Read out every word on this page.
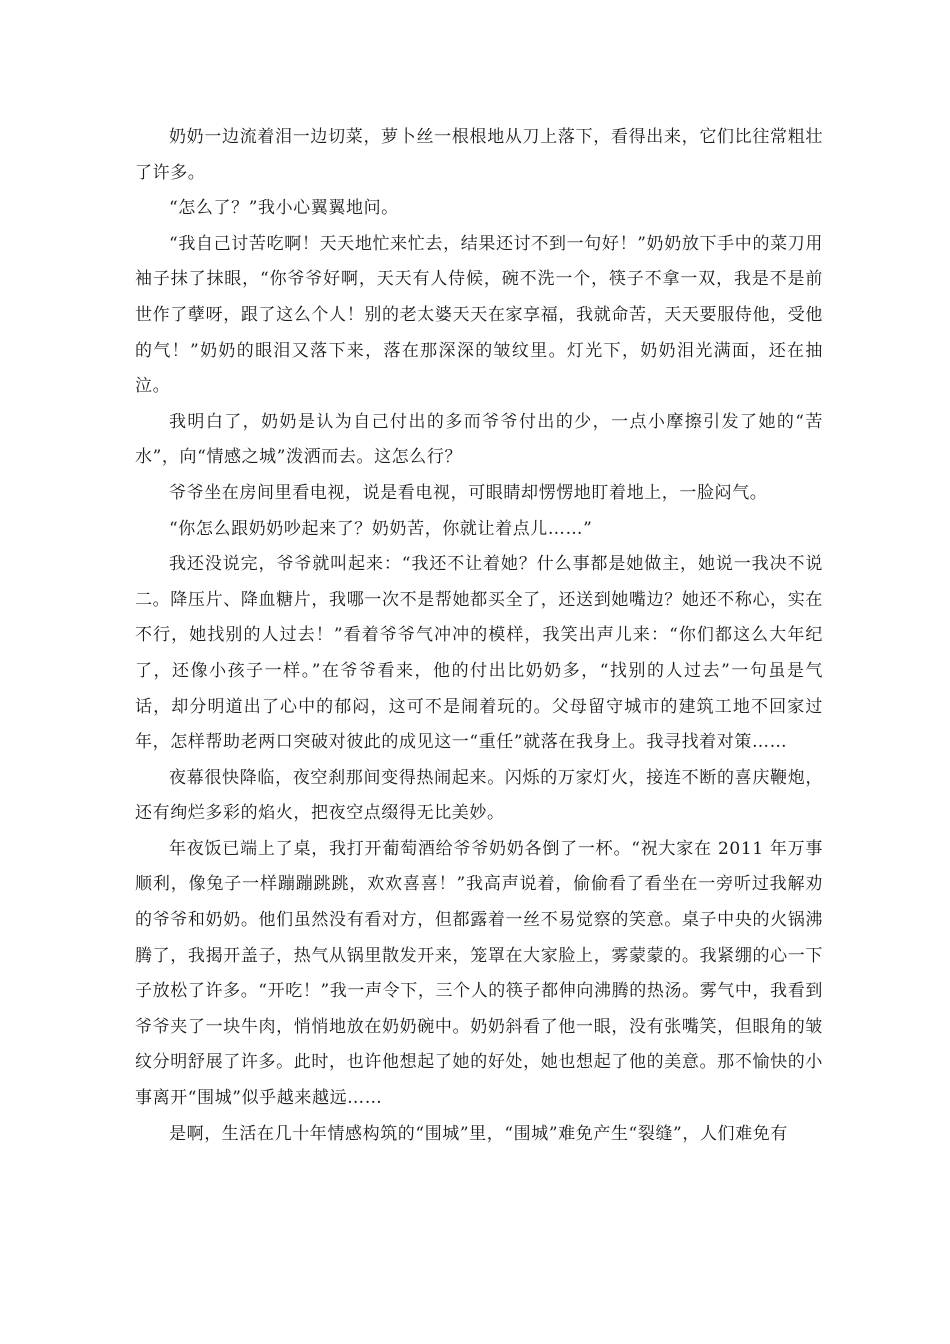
奶奶一边流着泪一边切菜，萝卜丝一根根地从刀上落下，看得出来，它们比往常粗壮了许多。

“怎么了？”我小心翼翼地问。

“我自己讨苦吃啊！天天地忙来忙去，结果还讨不到一句好！”奶奶放下手中的菜刀用袖子抹了抹眼，“你爷爷好啊，天天有人侍候，碗不洗一个，筷子不拿一双，我是不是前世作了孽呀，跟了这么个人！别的老太婆天天在家享福，我就命苦，天天要服侍他，受他的气！”奶奶的眼泪又落下来，落在那深深的皱纹里。灯光下，奶奶泪光满面，还在抽泣。

我明白了，奶奶是认为自己付出的多而爷爷付出的少，一点小摩擦引发了她的“苦水”，向“情感之城”泼洒而去。这怎么行？

爷爷坐在房间里看电视，说是看电视，可眼睛却愣愣地盯着地上，一脸闷气。

“你怎么跟奶奶吵起来了？奶奶苦，你就让着点儿……”

我还没说完，爷爷就叫起来：“我还不让着她？什么事都是她做主，她说一我决不说二。降压片、降血糖片，我哪一次不是帮她都买全了，还送到她嘴边？她还不称心，实在不行，她找别的人过去！”看着爷爷气冲冲的模样，我笑出声儿来：“你们都这么大年纪了，还像小孩子一样。”在爷爷看来，他的付出比奶奶多，“找别的人过去”一句虽是气话，却分明道出了心中的郁闷，这可不是闹着玩的。父母留守城市的建筑工地不回家过年，怎样帮助老两口突破对彼此的成见这一“重任”就落在我身上。我寻找着对策……

夜幕很快降临，夜空刹那间变得热闹起来。闪烁的万家灯火，接连不断的喜庆鞭炮，还有绚烂多彩的焰火，把夜空点缀得无比美妙。

年夜饭已端上了桌，我打开葡萄酒给爷爷奶奶各倒了一杯。“祝大家在 2011 年万事顺利，像兔子一样蹦蹦跳跳，欢欢喜喜！”我高声说着，偷偷看了看坐在一旁听过我解劝的爷爷和奶奶。他们虽然没有看对方，但都露着一丝不易觉察的笑意。桌子中央的火锅沸腾了，我揭开盖子，热气从锅里散发开来，笼罩在大家脸上，雾蒙蒙的。我紧绷的心一下子放松了许多。“开吃！”我一声令下，三个人的筷子都伸向沸腾的热汤。雾气中，我看到爷爷夹了一块牛肉，悄悄地放在奶奶碗中。奶奶斜看了他一眼，没有张嘴笑，但眼角的皱纹分明舒展了许多。此时，也许他想起了她的好处，她也想起了他的美意。那不愉快的小事离开“围城”似乎越来越远……

是啊，生活在几十年情感构筑的“围城”里，“围城”难免产生“裂缝”，人们难免有
